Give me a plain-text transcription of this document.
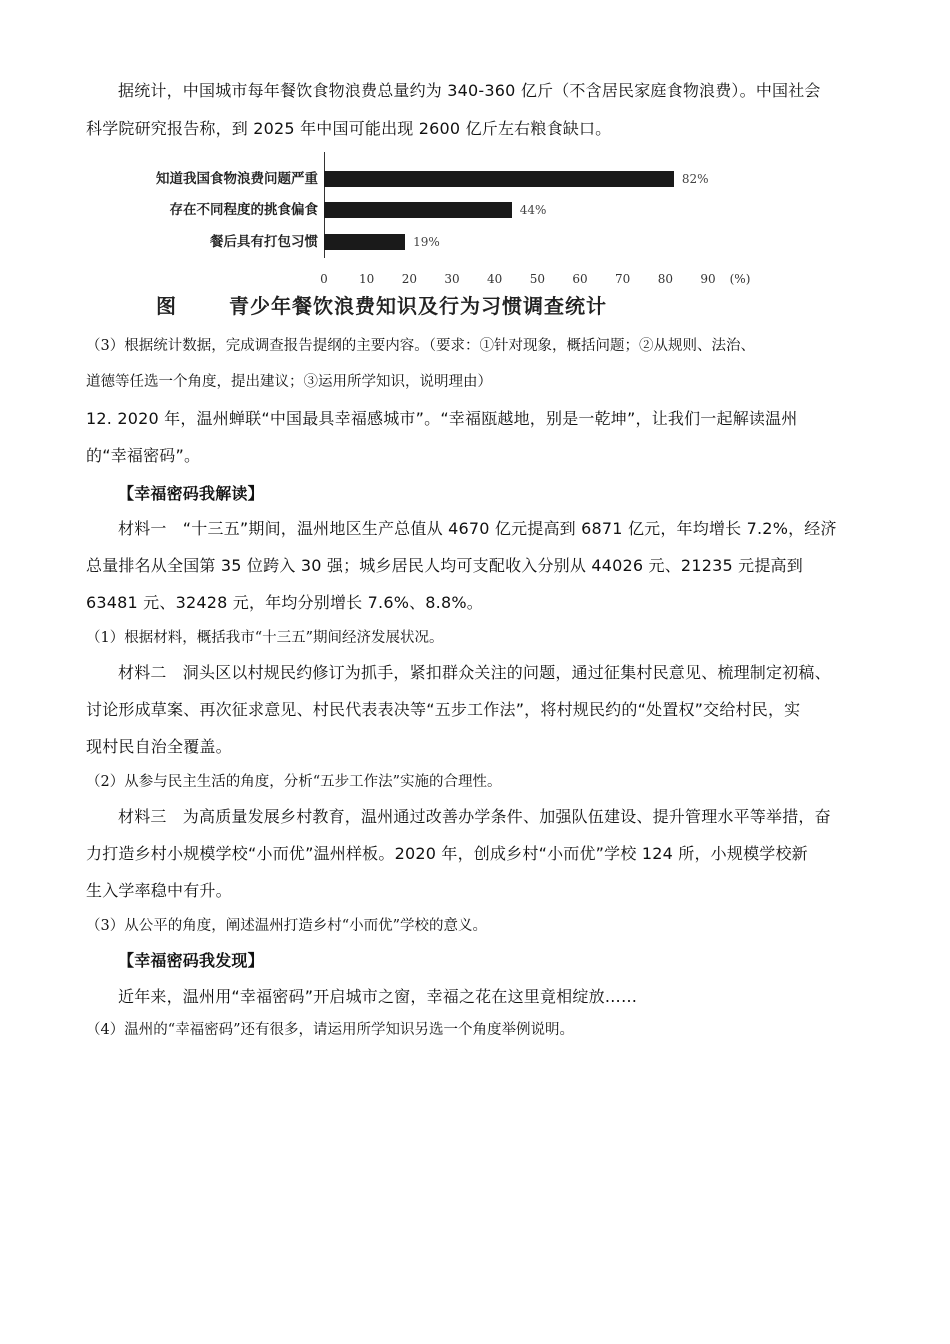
据统计，中国城市每年餐饮食物浪费总量约为 340-360 亿斤（不含居民家庭食物浪费）。中国社会

科学院研究报告称，到 2025 年中国可能出现 2600 亿斤左右粮食缺口。

知道我国食物浪费问题严重
存在不同程度的挑食偏食
餐后具有打包习惯
82%
44%
19%
0	10 20 30 40 50 60 70 80 90 (%)
图	青少年餐饮浪费知识及行为习惯调查统计

（3）根据统计数据，完成调查报告提纲的主要内容。（要求：①针对现象，概括问题；②从规则、法治、

道德等任选一个角度，提出建议；③运用所学知识，说明理由）

12. 2020 年，温州蝉联“中国最具幸福感城市”。“幸福瓯越地，别是一乾坤”，让我们一起解读温州

的“幸福密码”。

【幸福密码我解读】

材料一　“十三五”期间，温州地区生产总值从 4670 亿元提高到 6871 亿元，年均增长 7.2%，经济

总量排名从全国第 35 位跨入 30 强；城乡居民人均可支配收入分别从 44026 元、21235 元提高到

63481 元、32428 元，年均分别增长 7.6%、8.8%。

（1）根据材料，概括我市“十三五”期间经济发展状况。

材料二　洞头区以村规民约修订为抓手，紧扣群众关注的问题，通过征集村民意见、梳理制定初稿、

讨论形成草案、再次征求意见、村民代表表决等“五步工作法”，将村规民约的“处置权”交给村民，实

现村民自治全覆盖。

（2）从参与民主生活的角度，分析“五步工作法”实施的合理性。

材料三　为高质量发展乡村教育，温州通过改善办学条件、加强队伍建设、提升管理水平等举措，奋

力打造乡村小规模学校“小而优”温州样板。2020 年，创成乡村“小而优”学校 124 所，小规模学校新

生入学率稳中有升。

（3）从公平的角度，阐述温州打造乡村“小而优”学校的意义。

【幸福密码我发现】

近年来，温州用“幸福密码”开启城市之窗，幸福之花在这里竟相绽放……

（4）温州的“幸福密码”还有很多，请运用所学知识另选一个角度举例说明。
